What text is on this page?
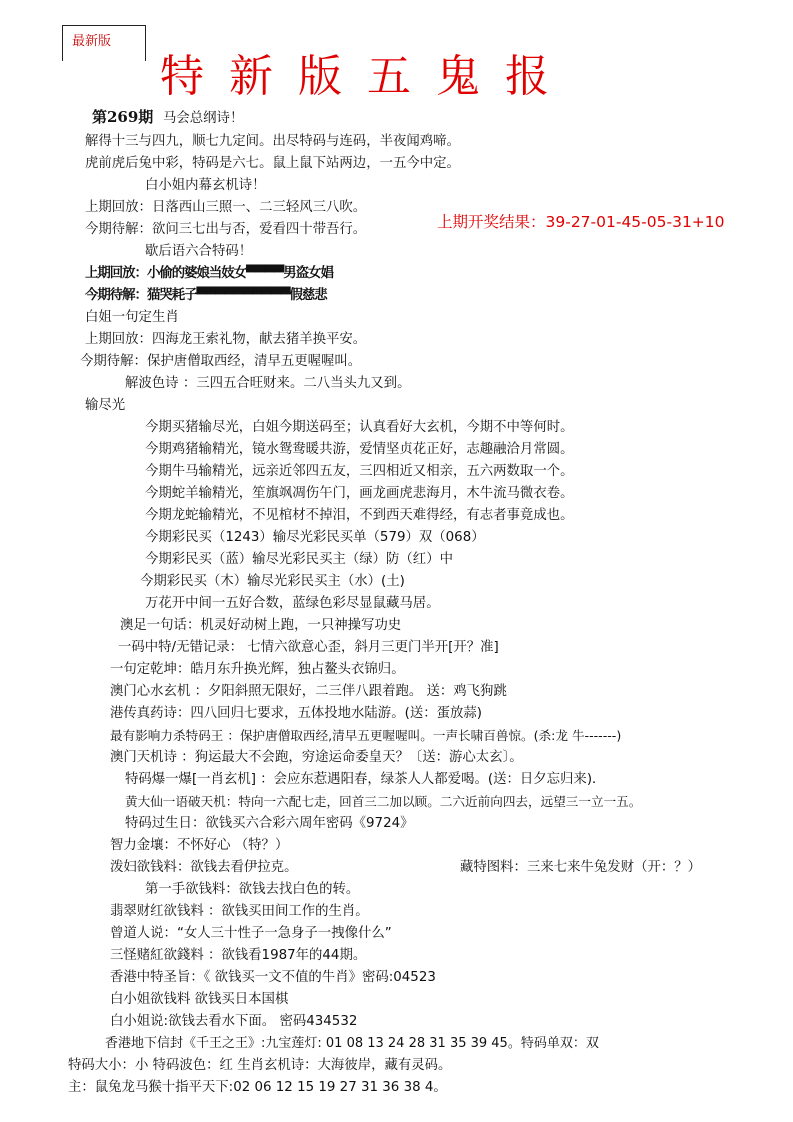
最新版
特新版五鬼报
第269期
上期开奖结果：39-27-01-45-05-31+10
马会总纲诗！
解得十三与四九，顺七九定间。出尽特码与连码，半夜闻鸡啼。
虎前虎后兔中彩，特码是六七。鼠上鼠下站两边，一五今中定。
白小姐内幕玄机诗！
上期回放：日落西山三照一、二三轻风三八吹。
今期待解：欲问三七出与否，爱看四十带吾行。
歇后语六合特码！
上期回放：小偷的婆娘当妓女▀▀▀▀男盗女娼
今期待解：猫哭耗子▀▀▀▀▀▀▀▀▀▀假慈悲
白姐一句定生肖
上期回放：四海龙王索礼物，献去猪羊换平安。
今期待解：保护唐僧取西经，清早五更喔喔叫。
解波色诗 ：三四五合旺财来。二八当头九又到。
输尽光
今期买猪输尽光，白姐今期送码至；认真看好大玄机，今期不中等何时。
今期鸡猪输精光，镜水鸳鸯暖共游，爱情坚贞花正好，志趣融洽月常圆。
今期牛马输精光，远亲近邻四五友，三四相近又相亲，五六两数取一个。
今期蛇羊输精光，笙旗飒凋伤午门，画龙画虎悲海月，木牛流马微衣卷。
今期龙蛇输精光，不见棺材不掉泪，不到西天难得经，有志者事竟成也。
今期彩民买（1243）输尽光彩民买单（579）双（068）
今期彩民买（蓝）输尽光彩民买主（绿）防（红）中
今期彩民买（木）输尽光彩民买主（水）(土)
万花开中间一五好合数，蓝绿色彩尽显鼠藏马居。
澳足一句话：机灵好动树上跑，一只神操写功史
一码中特/无错记录： 七情六欲意心歪，斜月三更门半开[开？准]
一句定乾坤：皓月东升换光辉，独占鳌头衣锦归。
澳门心水玄机 ：夕阳斜照无限好，二三伴八跟着跑。 送：鸡飞狗跳
港传真药诗：四八回归七要求，五体投地水陆游。(送：蛋放蒜)
最有影响力杀特码王 ：保护唐僧取西经,清早五更喔喔叫。一声长啸百兽惊。(杀:龙 牛-------)
澳门天机诗 ：狗运最大不会跑，穷途运命委皇天？〔送：游心太玄〕。
特码爆一爆[一肖玄机] ：会应东惹遇阳春，绿茶人人都爱喝。(送：日夕忘归来)．
黄大仙一语破天机：特向一六配七走，回首三二加以顾。二六近前向四去，远望三一立一五。
特码过生日：欲钱买六合彩六周年密码《9724》
智力金壤：不怀好心 （特？）
泼妇欲钱料：欲钱去看伊拉克。	藏特图料：三来七来牛兔发财（开：？）
第一手欲钱料：欲钱去找白色的转。
翡翠财红欲钱料 ：欲钱买田间工作的生肖。
曾道人说：“女人三十性子一急身子一拽像什么”
三怪赌紅欲錢料 ：欲钱看1987年的44期。
香港中特圣旨：《 欲钱买一文不值的牛肖》密码:04523
白小姐欲钱料 欲钱买日本国棋
白小姐说:欲钱去看水下面。 密码434532
香港地下信封《千王之王》:九宝莲灯: 01 08 13 24 28 31 35 39 45。特码单双：双
特码大小：小 特码波色：红 生肖玄机诗：大海彼岸，藏有灵码。
主：鼠兔龙马猴十指平天下:02 06 12 15 19 27 31 36 38 4。
